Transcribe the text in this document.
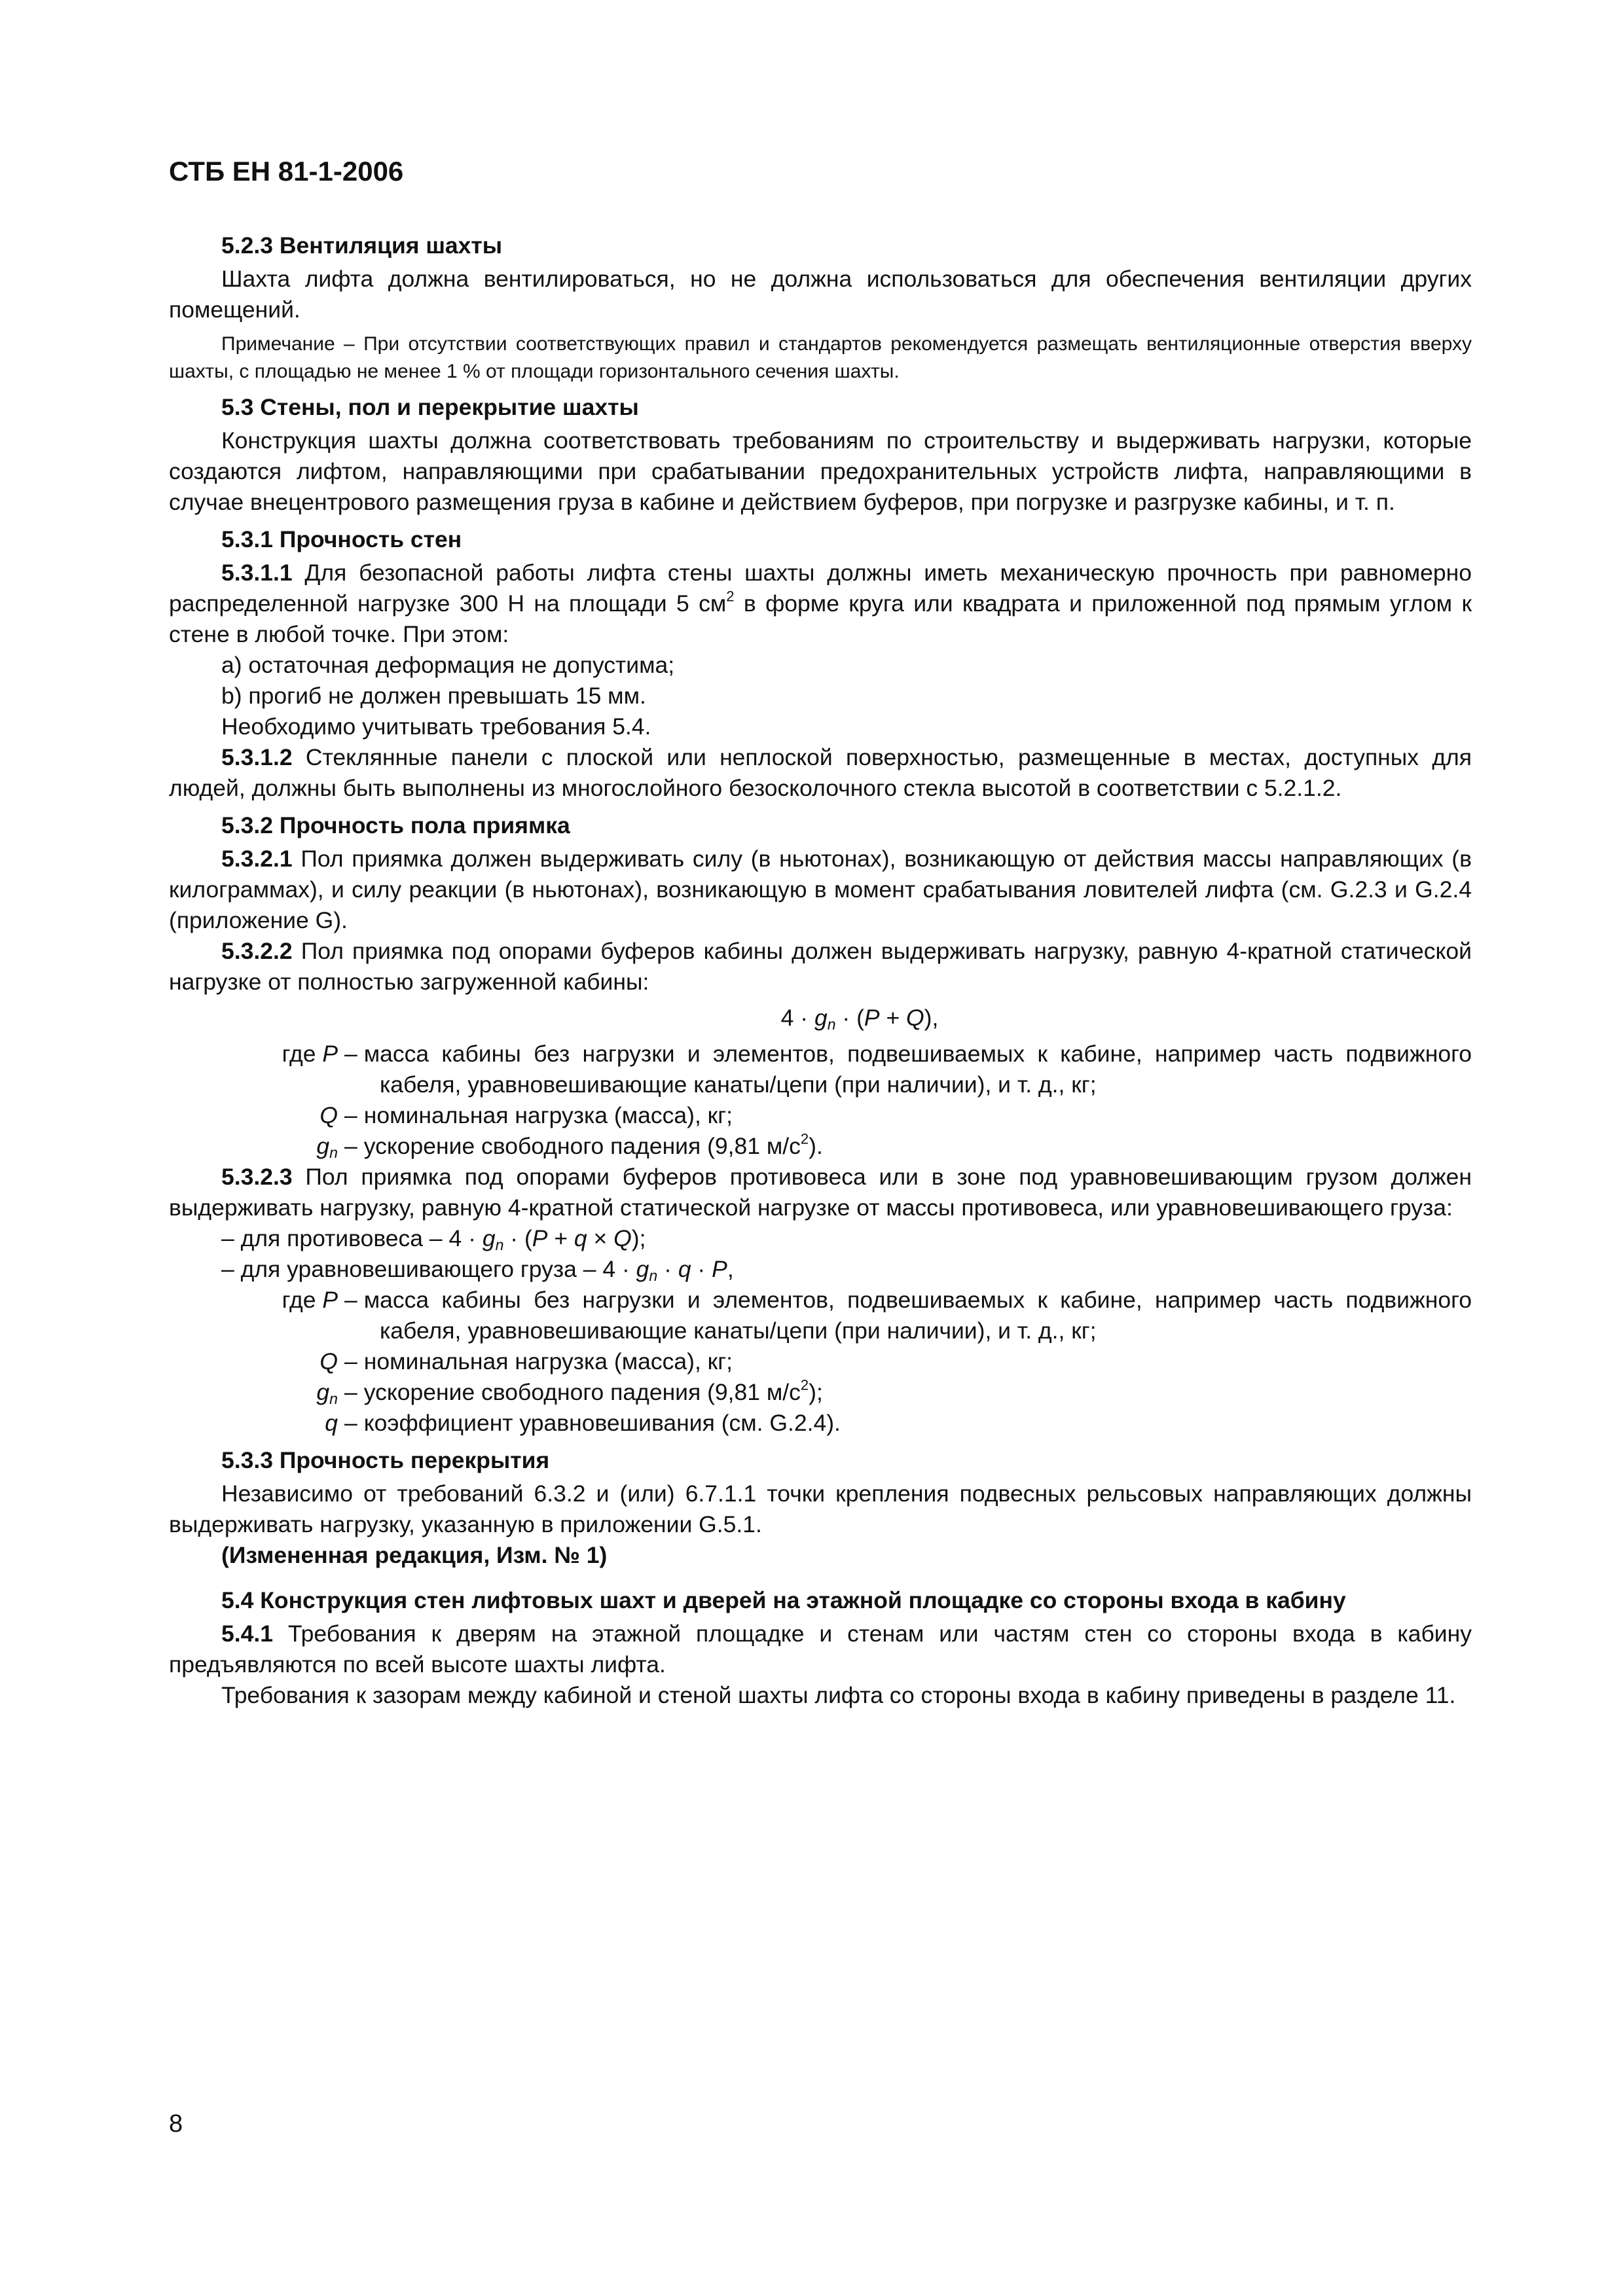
СТБ ЕН 81-1-2006
5.2.3 Вентиляция шахты

Шахта лифта должна вентилироваться, но не должна использоваться для обеспечения вентиляции других помещений.

Примечание – При отсутствии соответствующих правил и стандартов рекомендуется размещать вентиляционные отверстия вверху шахты, с площадью не менее 1 % от площади горизонтального сечения шахты.

5.3 Стены, пол и перекрытие шахты

Конструкция шахты должна соответствовать требованиям по строительству и выдерживать нагрузки, которые создаются лифтом, направляющими при срабатывании предохранительных устройств лифта, направляющими в случае внецентрового размещения груза в кабине и действием буферов, при погрузке и разгрузке кабины, и т. п.

5.3.1 Прочность стен

5.3.1.1 Для безопасной работы лифта стены шахты должны иметь механическую прочность при равномерно распределенной нагрузке 300 Н на площади 5 $см^2$ в форме круга или квадрата и приложенной под прямым углом к стене в любой точке. При этом:

a) остаточная деформация не допустима;

b) прогиб не должен превышать 15 мм.

Необходимо учитывать требования 5.4.

5.3.1.2 Стеклянные панели с плоской или неплоской поверхностью, размещенные в местах, доступных для людей, должны быть выполнены из многослойного безосколочного стекла высотой в соответствии с 5.2.1.2.

5.3.2 Прочность пола приямка

5.3.2.1 Пол приямка должен выдерживать силу (в ньютонах), возникающую от действия массы направляющих (в килограммах), и силу реакции (в ньютонах), возникающую в момент срабатывания ловителей лифта (см. G.2.3 и G.2.4 (приложение G).

5.3.2.2 Пол приямка под опорами буферов кабины должен выдерживать нагрузку, равную 4-кратной статической нагрузке от полностью загруженной кабины:

$4 \cdot g_n \cdot (P + Q)$,

где P – масса кабины без нагрузки и элементов, подвешиваемых к кабине, например часть подвижного кабеля, уравновешивающие канаты/цепи (при наличии), и т. д., кг;
Q – номинальная нагрузка (масса), кг;
$g_n$ – ускорение свободного падения (9,81 $м/с^2$).

5.3.2.3 Пол приямка под опорами буферов противовеса или в зоне под уравновешивающим грузом должен выдерживать нагрузку, равную 4-кратной статической нагрузке от массы противовеса, или уравновешивающего груза:

– для противовеса – $4 \cdot g_n \cdot (P + q \times Q)$;

– для уравновешивающего груза – $4 \cdot g_n \cdot q \cdot P$,

где P – масса кабины без нагрузки и элементов, подвешиваемых к кабине, например часть подвижного кабеля, уравновешивающие канаты/цепи (при наличии), и т. д., кг;
Q – номинальная нагрузка (масса), кг;
$g_n$ – ускорение свободного падения (9,81 $м/с^2$);
q – коэффициент уравновешивания (см. G.2.4).
5.3.3 Прочность перекрытия

Независимо от требований 6.3.2 и (или) 6.7.1.1 точки крепления подвесных рельсовых направляющих должны выдерживать нагрузку, указанную в приложении G.5.1.

(Измененная редакция, Изм. № 1)

5.4 Конструкция стен лифтовых шахт и дверей на этажной площадке со стороны входа в кабину

5.4.1 Требования к дверям на этажной площадке и стенам или частям стен со стороны входа в кабину предъявляются по всей высоте шахты лифта.

Требования к зазорам между кабиной и стеной шахты лифта со стороны входа в кабину приведены в разделе 11.

8
